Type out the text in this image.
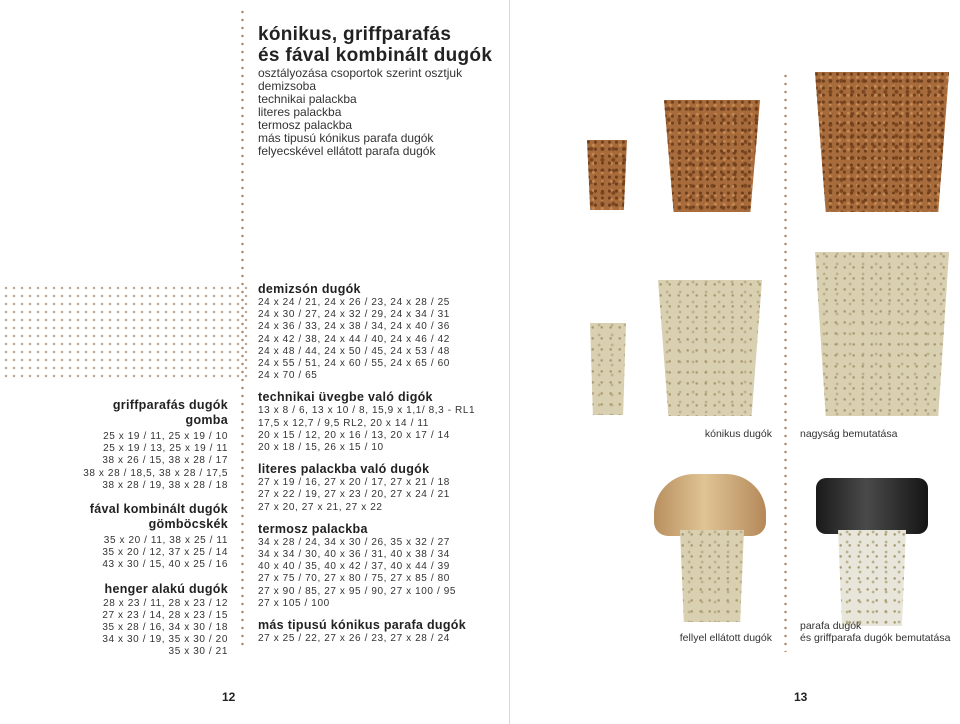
kónikus, griffparafás
és fával kombinált dugók
osztályozása csoportok szerint osztjuk
demizsoba
technikai palackba
literes palackba
termosz palackba
más tipusú kónikus parafa dugók
felyecskével ellátott parafa dugók
griffparafás dugók
gomba
25 x 19 / 11, 25 x 19 / 10
25 x 19 / 13, 25 x 19 / 11
38 x 26 / 15, 38 x 28 / 17
38 x 28 / 18,5, 38 x 28 / 17,5
38 x 28 / 19, 38 x 28 / 18
fával kombinált dugók
gömböcskék
35 x 20 / 11, 38 x 25 / 11
35 x 20 / 12, 37 x 25 / 14
43 x 30 / 15, 40 x 25 / 16
henger alakú dugók
28 x 23 / 11, 28 x 23 / 12
27 x 23 / 14, 28 x 23 / 15
35 x 28 / 16, 34 x 30 / 18
34 x 30 / 19, 35 x 30 / 20
35 x 30 / 21
demizsón dugók
24 x 24 / 21, 24 x 26 / 23, 24 x 28 / 25
24 x 30 / 27, 24 x 32 / 29, 24 x 34 / 31
24 x 36 / 33, 24 x 38 / 34, 24 x 40 / 36
24 x 42 / 38, 24 x 44 / 40, 24 x 46 / 42
24 x 48 / 44, 24 x 50 / 45, 24 x 53 / 48
24 x 55 / 51, 24 x 60 / 55, 24 x 65 / 60
24 x 70 / 65
technikai üvegbe való digók
13 x 8 / 6, 13 x 10 / 8, 15,9 x 1,1/ 8,3 - RL1
17,5 x 12,7 / 9,5 RL2, 20 x 14 / 11
20 x 15 / 12, 20 x 16 / 13, 20 x 17 / 14
20 x 18 / 15, 26 x 15 / 10
literes palackba való dugók
27 x 19 / 16, 27 x 20 / 17, 27 x 21 / 18
27 x 22 / 19, 27 x 23 / 20, 27 x 24 / 21
27 x 20, 27 x 21, 27 x 22
termosz palackba
34 x 28 / 24, 34 x 30 / 26, 35 x 32 / 27
34 x 34 / 30, 40 x 36 / 31, 40 x 38 / 34
40 x 40 / 35, 40 x 42 / 37, 40 x 44 / 39
27 x 75 / 70, 27 x 80 / 75, 27 x 85 / 80
27 x 90 / 85, 27 x 95 / 90, 27 x 100 / 95
27 x 105 / 100
más tipusú kónikus parafa dugók
27 x 25 / 22, 27 x 26 / 23, 27 x 28 / 24
kónikus dugók	nagyság bemutatása
fellyel ellátott dugók
parafa dugók
és griffparafa dugók bemutatása
12	13
